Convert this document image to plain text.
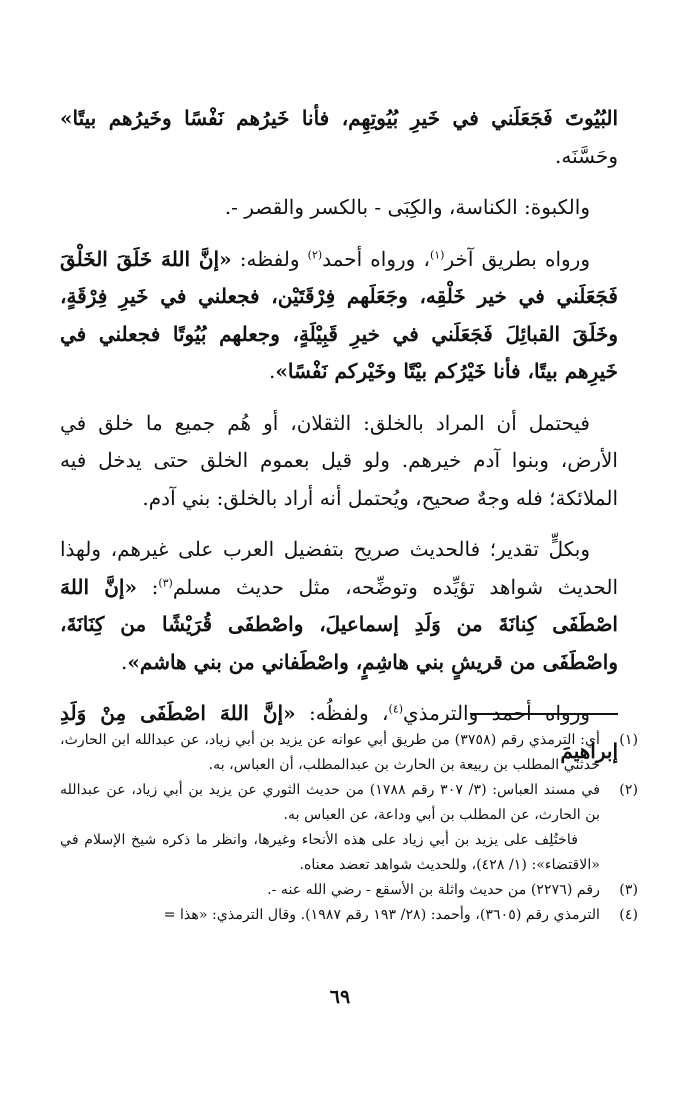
البُيُوتَ فَجَعَلَني في خَيرِ بُيُوتِهِم، فأنا خَيرُهم نَفْسًا وخَيرُهم بيتًا» وحَسَّنَه.

والكبوة: الكناسة، والكِبَى - بالكسر والقصر -.

ورواه بطريق آخر$^{(١)}$، ورواه أحمد$^{(٢)}$ ولفظه: «إنَّ اللهَ خَلَقَ الخَلْقَ فَجَعَلَني في خير خَلْقِه، وجَعَلَهم فِرْقَتَيْن، فجعلني في خَيرِ فِرْقَةٍ، وخَلَقَ القبائِلَ فَجَعَلَني في خيرِ قَبِيْلَةٍ، وجعلهم بُيُوتًا فجعلني في خَيرِهم بيتًا، فأنا خَيْرُكم بيْتًا وخَيْركم نَفْسًا».

فيحتمل أن المراد بالخلق: الثقلان، أو هُم جميع ما خلق في الأرض، وبنوا آدم خيرهم. ولو قيل بعموم الخلق حتى يدخل فيه الملائكة؛ فله وجهٌ صحيح، ويُحتمل أنه أراد بالخلق: بني آدم.

وبكلٍّ تقدير؛ فالحديث صريح بتفضيل العرب على غيرهم، ولهذا الحديث شواهد تؤيِّده وتوضِّحه، مثل حديث مسلم$^{(٣)}$: «إنَّ اللهَ اصْطَفَى كِنانَةَ من وَلَدِ إسماعيلَ، واصْطفَى قُرَيْشًا من كِنَانَةَ، واصْطَفَى من قريشٍ بني هاشِمٍ، واصْطَفاني من بني هاشم».

ورواه أحمد والترمذي$^{(٤)}$، ولفظُه: «إنَّ اللهَ اصْطَفَى مِنْ وَلَدِ إبراهيمَ (١)
أي: الترمذي رقم (٣٧٥٨) من طريق أبي عوانه عن يزيد بن أبي زياد، عن عبدالله ابن الحارث، حدثني المطلب بن ربيعة بن الحارث بن عبدالمطلب، أن العباس، به.
(٢)
في مسند العباس: (٣/ ٣٠٧ رقم ١٧٨٨) من حديث الثوري عن يزيد بن أبي زياد، عن عبدالله بن الحارث، عن المطلب بن أبي وداعة، عن العباس به.
فاختُلِف على يزيد بن أبي زياد على هذه الأنحاء وغيرها، وانظر ما ذكره شيخ الإسلام في «الاقتضاء»: (١/ ٤٢٨)، وللحديث شواهد تعضد معناه.
(٣)
رقم (٢٢٧٦) من حديث واثلة بن الأسقع - رضي الله عنه -.
(٤)
الترمذي رقم (٣٦٠٥)، وأحمد: (٢٨/ ١٩٣ رقم ١٩٨٧). وقال الترمذي: «هذا =
٦٩
